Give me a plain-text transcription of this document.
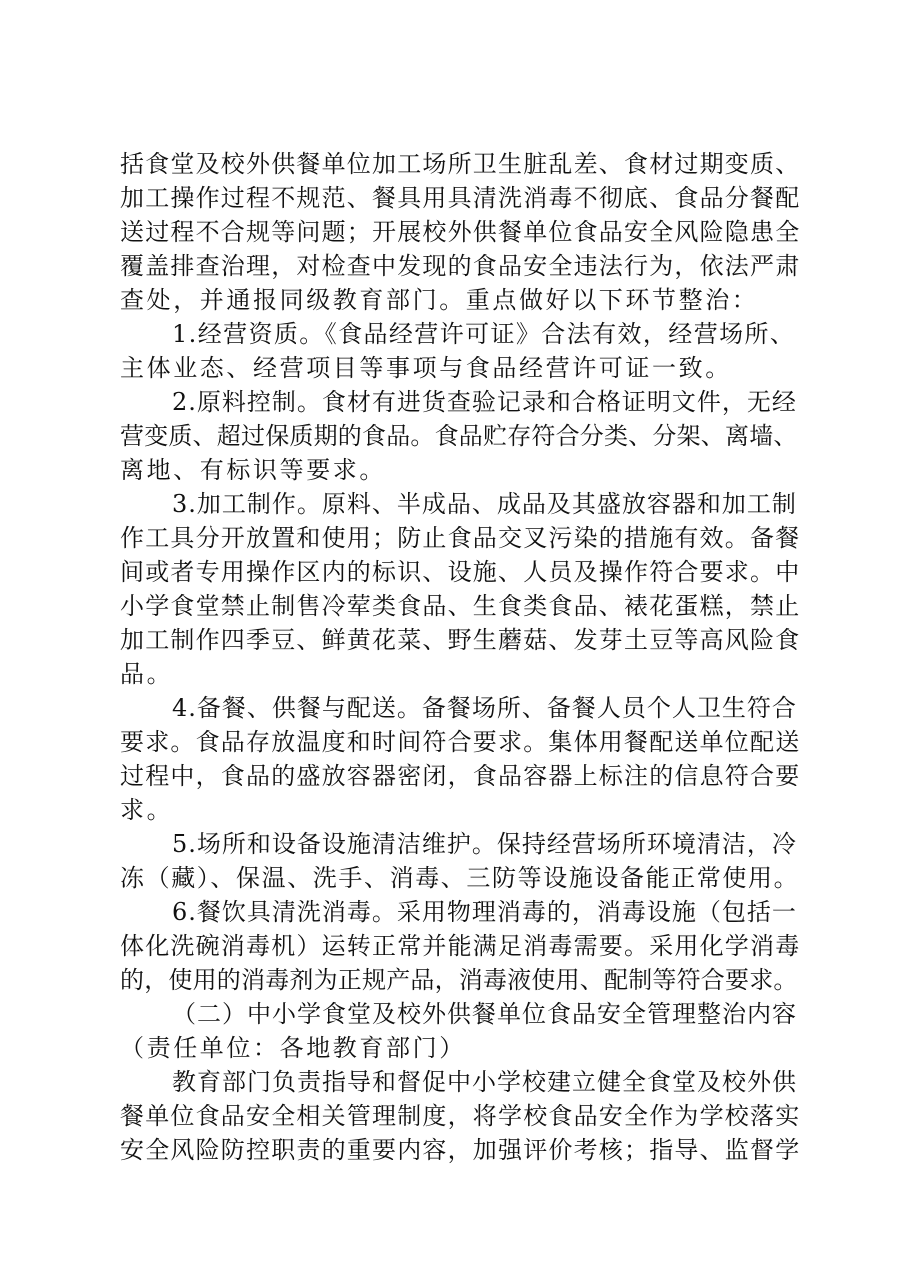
括食堂及校外供餐单位加工场所卫生脏乱差、食材过期变质、
加工操作过程不规范、餐具用具清洗消毒不彻底、食品分餐配
送过程不合规等问题；开展校外供餐单位食品安全风险隐患全
覆盖排查治理，对检查中发现的食品安全违法行为，依法严肃
查处，并通报同级教育部门。重点做好以下环节整治：
1.经营资质。《食品经营许可证》合法有效，经营场所、
主体业态、经营项目等事项与食品经营许可证一致。
2.原料控制。食材有进货查验记录和合格证明文件，无经
营变质、超过保质期的食品。食品贮存符合分类、分架、离墙、
离地、有标识等要求。
3.加工制作。原料、半成品、成品及其盛放容器和加工制
作工具分开放置和使用；防止食品交叉污染的措施有效。备餐
间或者专用操作区内的标识、设施、人员及操作符合要求。中
小学食堂禁止制售冷荤类食品、生食类食品、裱花蛋糕，禁止
加工制作四季豆、鲜黄花菜、野生蘑菇、发芽土豆等高风险食
品。
4.备餐、供餐与配送。备餐场所、备餐人员个人卫生符合
要求。食品存放温度和时间符合要求。集体用餐配送单位配送
过程中，食品的盛放容器密闭，食品容器上标注的信息符合要
求。
5.场所和设备设施清洁维护。保持经营场所环境清洁，冷
冻（藏）、保温、洗手、消毒、三防等设施设备能正常使用。
6.餐饮具清洗消毒。采用物理消毒的，消毒设施（包括一
体化洗碗消毒机）运转正常并能满足消毒需要。采用化学消毒
的，使用的消毒剂为正规产品，消毒液使用、配制等符合要求。
（二）中小学食堂及校外供餐单位食品安全管理整治内容
（责任单位：各地教育部门）
教育部门负责指导和督促中小学校建立健全食堂及校外供
餐单位食品安全相关管理制度，将学校食品安全作为学校落实
安全风险防控职责的重要内容，加强评价考核；指导、监督学
